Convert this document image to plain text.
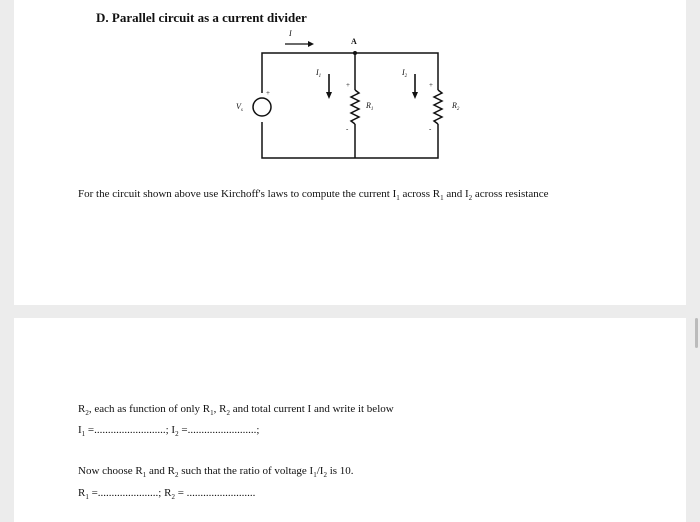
D. Parallel circuit as a current divider
I
A
$I_1$	$I_2$
$V_s$
+
$R_1$	$R_2$
+
-
+
-
For the circuit shown above use Kirchoff's laws to compute the current $I_1$ across $R_1$ and $I_2$ across resistance
$R_2$, each as function of only $R_1$, $R_2$ and total current I and write it below
$I_1$ =..........................; $I_2$ =.........................;
Now choose $R_1$ and $R_2$ such that the ratio of voltage $I_1/I_2$ is 10.
$R_1$ =......................; $R_2$ = .........................
